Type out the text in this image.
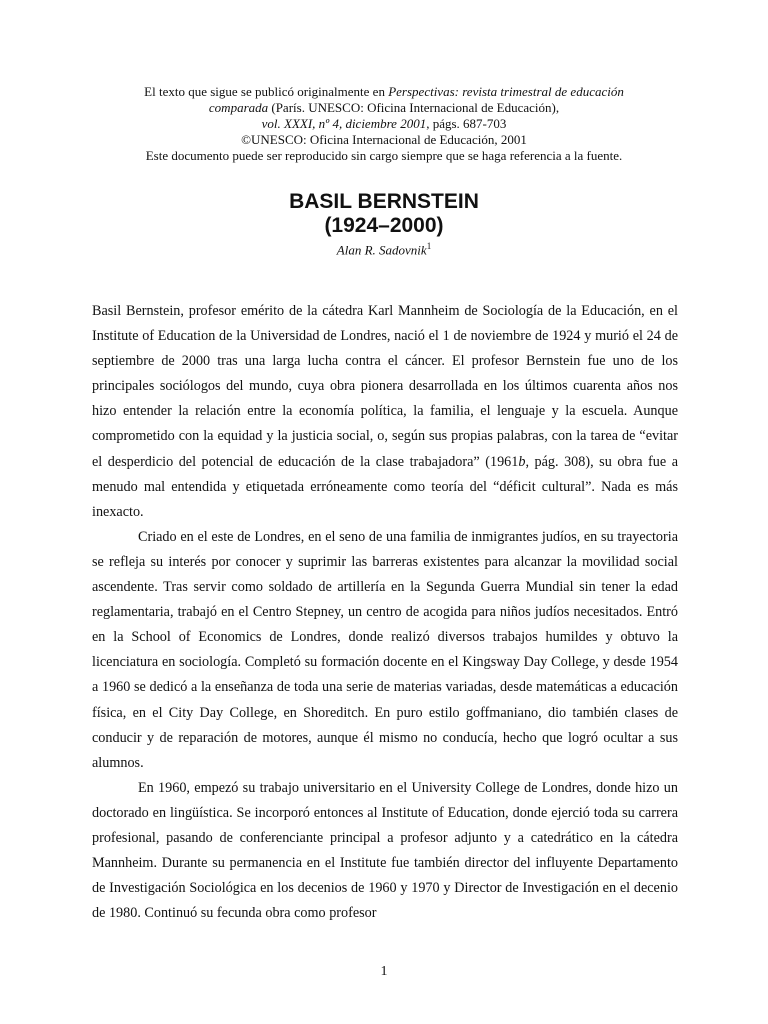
El texto que sigue se publicó originalmente en Perspectivas: revista trimestral de educación
comparada (París. UNESCO: Oficina Internacional de Educación),
vol. XXXI, nº 4, diciembre 2001, págs. 687-703
©UNESCO: Oficina Internacional de Educación, 2001
Este documento puede ser reproducido sin cargo siempre que se haga referencia a la fuente.
BASIL BERNSTEIN
(1924–2000)
Alan R. Sadovnik$^1$

Basil Bernstein, profesor emérito de la cátedra Karl Mannheim de Sociología de la Educación, en el Institute of Education de la Universidad de Londres, nació el 1 de noviembre de 1924 y murió el 24 de septiembre de 2000 tras una larga lucha contra el cáncer. El profesor Bernstein fue uno de los principales sociólogos del mundo, cuya obra pionera desarrollada en los últimos cuarenta años nos hizo entender la relación entre la economía política, la familia, el lenguaje y la escuela. Aunque comprometido con la equidad y la justicia social, o, según sus propias palabras, con la tarea de “evitar el desperdicio del potencial de educación de la clase trabajadora” (1961b, pág. 308), su obra fue a menudo mal entendida y etiquetada erróneamente como teoría del “déficit cultural”. Nada es más inexacto.

Criado en el este de Londres, en el seno de una familia de inmigrantes judíos, en su trayectoria se refleja su interés por conocer y suprimir las barreras existentes para alcanzar la movilidad social ascendente. Tras servir como soldado de artillería en la Segunda Guerra Mundial sin tener la edad reglamentaria, trabajó en el Centro Stepney, un centro de acogida para niños judíos necesitados. Entró en la School of Economics de Londres, donde realizó diversos trabajos humildes y obtuvo la licenciatura en sociología. Completó su formación docente en el Kingsway Day College, y desde 1954 a 1960 se dedicó a la enseñanza de toda una serie de materias variadas, desde matemáticas a educación física, en el City Day College, en Shoreditch. En puro estilo goffmaniano, dio también clases de conducir y de reparación de motores, aunque él mismo no conducía, hecho que logró ocultar a sus alumnos.

En 1960, empezó su trabajo universitario en el University College de Londres, donde hizo un doctorado en lingüística. Se incorporó entonces al Institute of Education, donde ejerció toda su carrera profesional, pasando de conferenciante principal a profesor adjunto y a catedrático en la cátedra Mannheim. Durante su permanencia en el Institute fue también director del influyente Departamento de Investigación Sociológica en los decenios de 1960 y 1970 y Director de Investigación en el decenio de 1980. Continuó su fecunda obra como profesor

1
